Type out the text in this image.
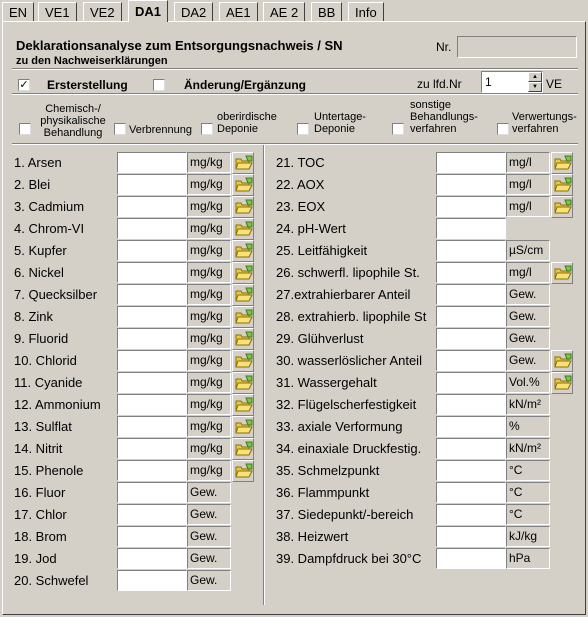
EN	VE1	VE2	DA1	DA2	AE1	AE 2	BB	Info
Deklarationsanalyse zum Entsorgungsnachweis / SN
zu den Nachweiserklärungen
Nr.
✓ Ersterstellung	Änderung/Ergänzung	zu lfd.Nr 1	▲
▼ VE
Chemisch-/ physikalische Behandlung	Verbrennung
oberirdische Deponie
Untertage-Deponie
sonstige Behandlungs-verfahren
Verwertungs-verfahren
1. Arsen	mg/kg
2. Blei	mg/kg
3. Cadmium	mg/kg
4. Chrom-VI	mg/kg
5. Kupfer	mg/kg
6. Nickel	mg/kg
7. Quecksilber	mg/kg
8. Zink	mg/kg
9. Fluorid	mg/kg
10. Chlorid	mg/kg
11. Cyanide	mg/kg
12. Ammonium	mg/kg
13. Sulflat	mg/kg
14. Nitrit	mg/kg
15. Phenole	mg/kg
16. Fluor	Gew.
17. Chlor	Gew.
18. Brom	Gew.
19. Jod	Gew.
20. Schwefel	Gew.
21. TOC	mg/l
22. AOX	mg/l
23. EOX	mg/l
24. pH-Wert
25. Leitfähigkeit	µS/cm
26. schwerfl. lipophile St.	mg/l
27.extrahierbarer Anteil	Gew.
28. extrahierb. lipophile St	Gew.
29. Glühverlust	Gew.
30. wasserlöslicher Anteil	Gew.
31. Wassergehalt	Vol.%
32. Flügelscherfestigkeit	kN/m²
33. axiale Verformung	%
34. einaxiale Druckfestig.	kN/m²
35. Schmelzpunkt	°C
36. Flammpunkt	°C
37. Siedepunkt/-bereich	°C
38. Heizwert	kJ/kg
39. Dampfdruck bei 30°C	hPa
